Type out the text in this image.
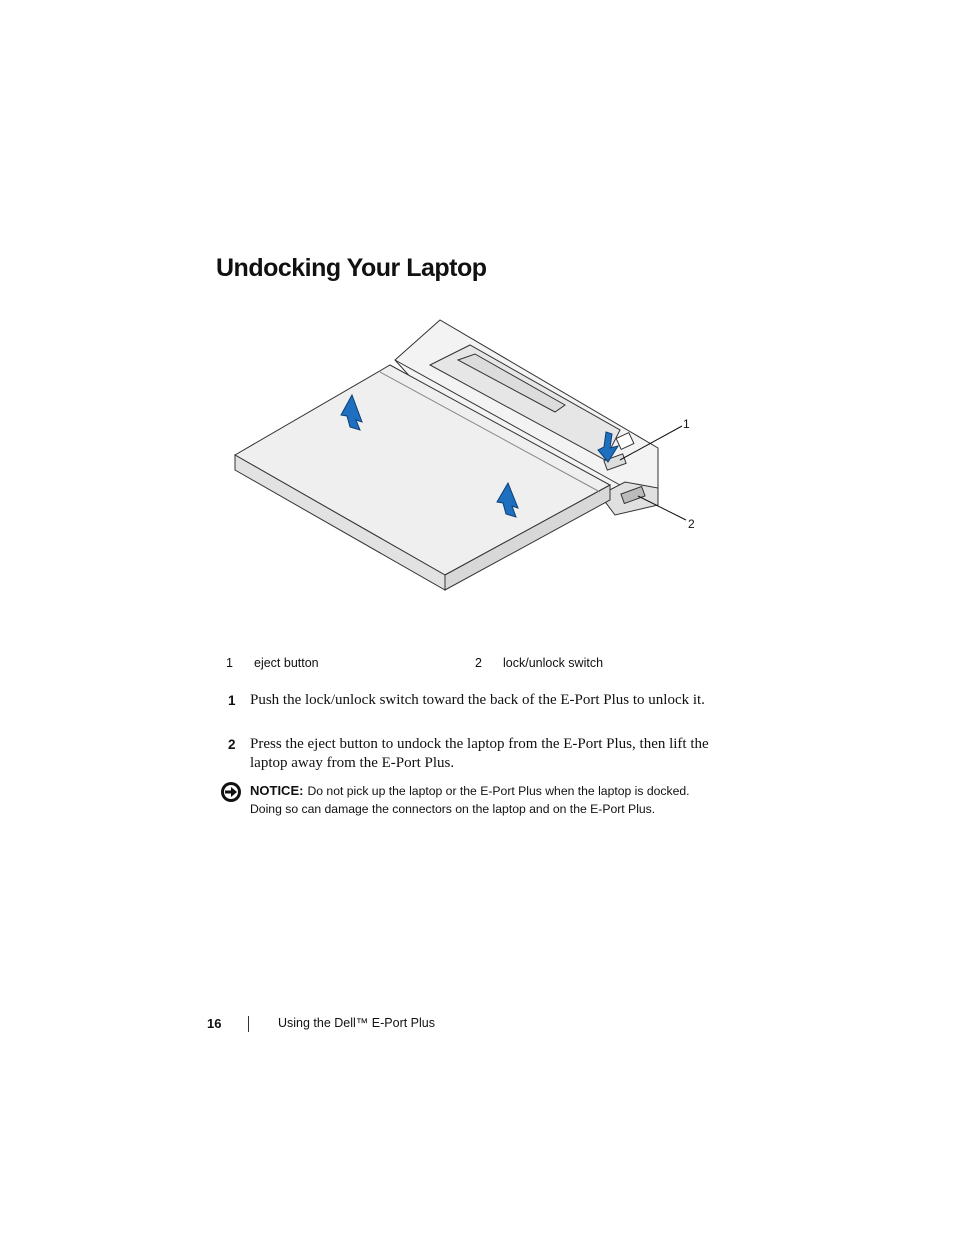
Undocking Your Laptop
1
2
1 eject button	2 lock/unlock switch
1 Push the lock/unlock switch toward the back of the E-Port Plus to unlock it.
2 Press the eject button to undock the laptop from the E-Port Plus, then lift the laptop away from the E-Port Plus.
NOTICE: Do not pick up the laptop or the E-Port Plus when the laptop is docked. Doing so can damage the connectors on the laptop and on the E-Port Plus.
16	Using the Dell™ E-Port Plus
